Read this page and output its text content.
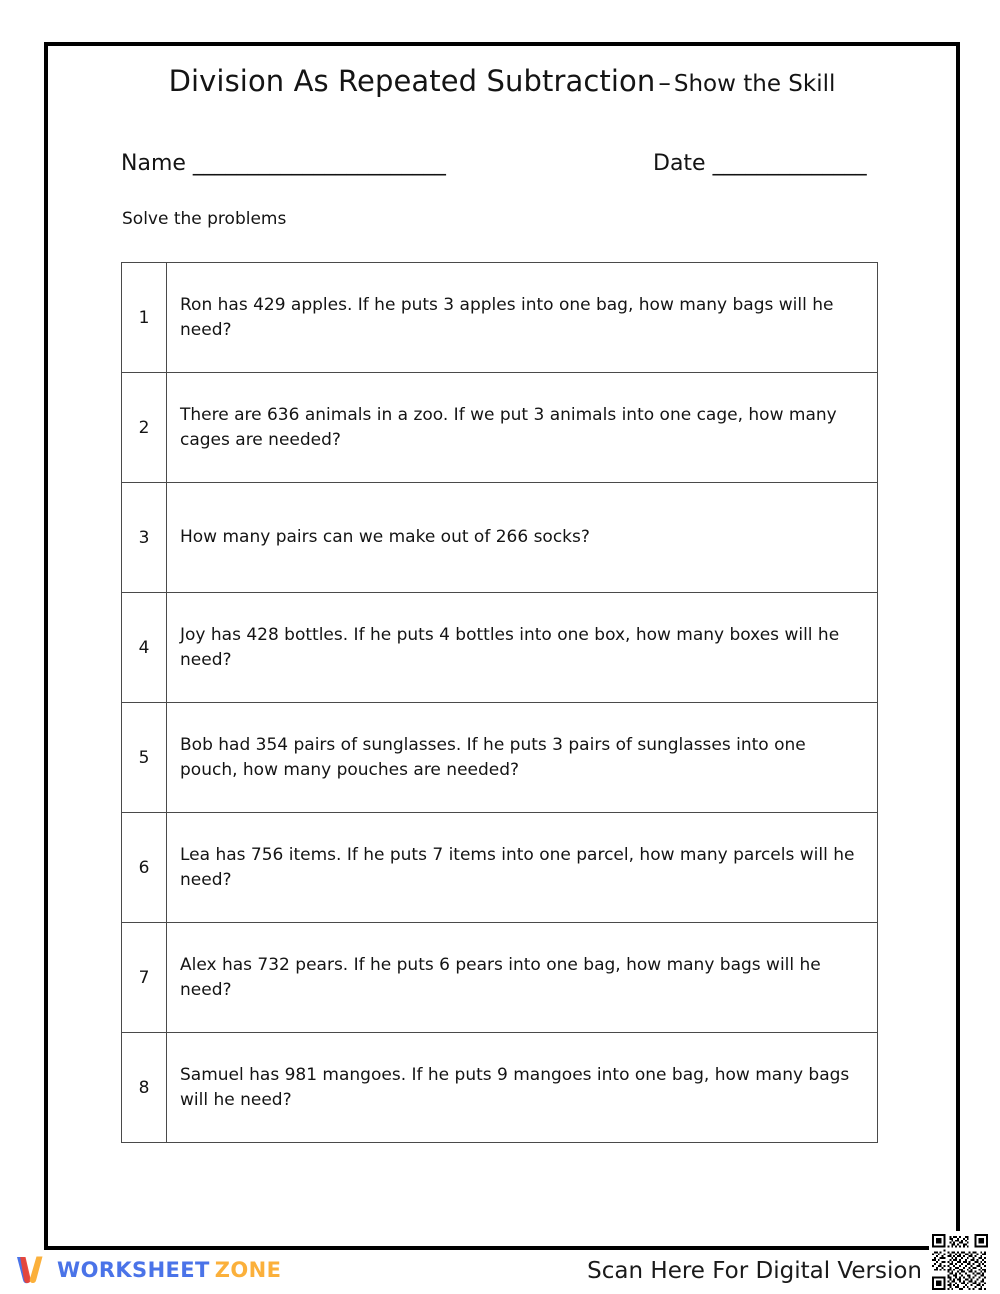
Division As Repeated Subtraction – Show the Skill
Name _______________________	Date ______________
Solve the problems
1	Ron has 429 apples. If he puts 3 apples into one bag, how many bags will he need?
2	There are 636 animals in a zoo. If we put 3 animals into one cage, how many cages are needed?
3	How many pairs can we make out of 266 socks?
4	Joy has 428 bottles. If he puts 4 bottles into one box, how many boxes will he need?
5	Bob had 354 pairs of sunglasses. If he puts 3 pairs of sunglasses into one pouch, how many pouches are needed?
6	Lea has 756 items. If he puts 7 items into one parcel, how many parcels will he need?
7	Alex has 732 pears. If he puts 6 pears into one bag, how many bags will he need?
8	Samuel has 981 mangoes. If he puts 9 mangoes into one bag, how many bags will he need?
WORKSHEET ZONE	Scan Here For Digital Version
